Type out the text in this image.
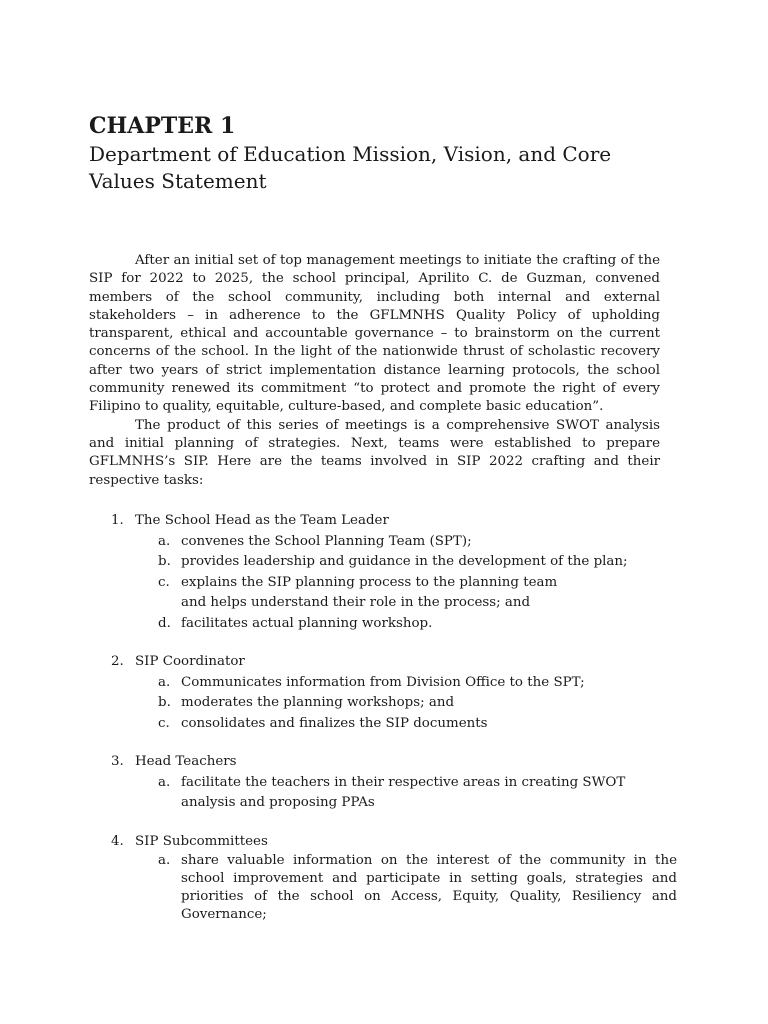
CHAPTER 1
Department of Education Mission, Vision, and Core Values Statement

After an initial set of top management meetings to initiate the crafting of the SIP for 2022 to 2025, the school principal, Aprilito C. de Guzman, convened members of the school community, including both internal and external stakeholders – in adherence to the GFLMNHS Quality Policy of upholding transparent, ethical and accountable governance – to brainstorm on the current concerns of the school. In the light of the nationwide thrust of scholastic recovery after two years of strict implementation distance learning protocols, the school community renewed its commitment “to protect and promote the right of every Filipino to quality, equitable, culture-based, and complete basic education”.

The product of this series of meetings is a comprehensive SWOT analysis and initial planning of strategies. Next, teams were established to prepare GFLMNHS’s SIP. Here are the teams involved in SIP 2022 crafting and their respective tasks:

1. The School Head as the Team Leader
a. convenes the School Planning Team (SPT);
b. provides leadership and guidance in the development of the plan;
c. explains the SIP planning process to the planning team and helps understand their role in the process; and
d. facilitates actual planning workshop.
2. SIP Coordinator
a. Communicates information from Division Office to the SPT;
b. moderates the planning workshops; and
c. consolidates and finalizes the SIP documents
3. Head Teachers
a. facilitate the teachers in their respective areas in creating SWOT analysis and proposing PPAs
4. SIP Subcommittees
a. share valuable information on the interest of the community in the school improvement and participate in setting goals, strategies and priorities of the school on Access, Equity, Quality, Resiliency and Governance;
